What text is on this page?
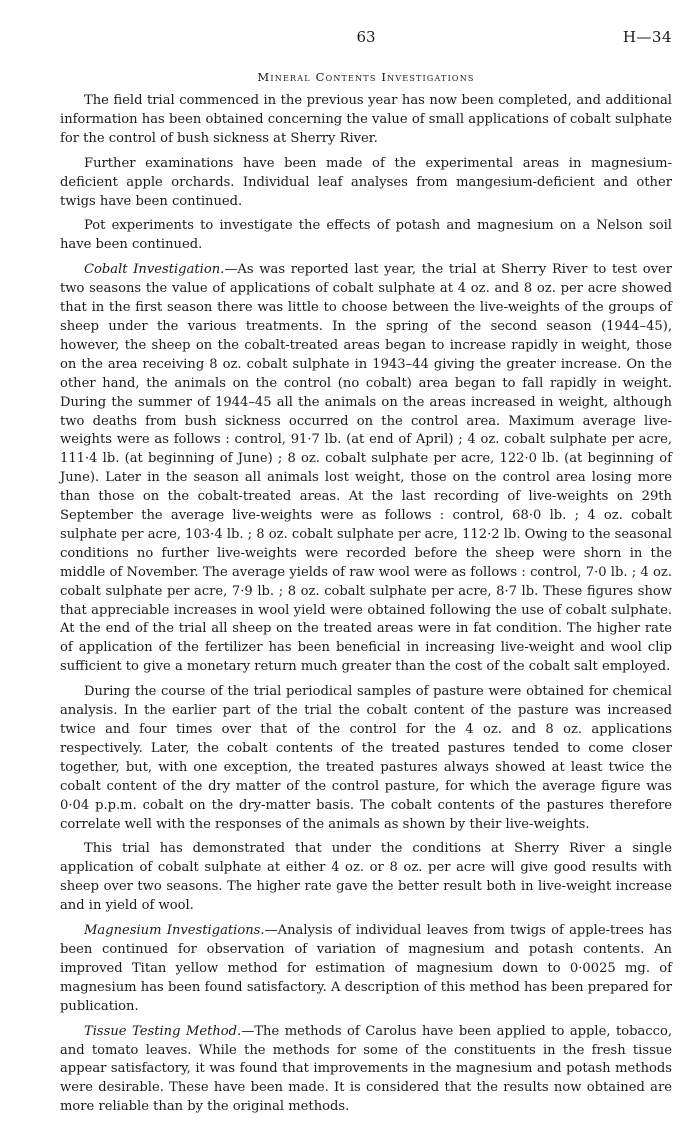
63	H—34
Mineral Contents Investigations

The field trial commenced in the previous year has now been completed, and additional information has been obtained concerning the value of small applications of cobalt sulphate for the control of bush sickness at Sherry River.

Further examinations have been made of the experimental areas in magnesium-deficient apple orchards. Individual leaf analyses from mangesium-deficient and other twigs have been continued.

Pot experiments to investigate the effects of potash and magnesium on a Nelson soil have been continued.

Cobalt Investigation.—As was reported last year, the trial at Sherry River to test over two seasons the value of applications of cobalt sulphate at 4 oz. and 8 oz. per acre showed that in the first season there was little to choose between the live-weights of the groups of sheep under the various treatments. In the spring of the second season (1944–45), however, the sheep on the cobalt-treated areas began to increase rapidly in weight, those on the area receiving 8 oz. cobalt sulphate in 1943–44 giving the greater increase. On the other hand, the animals on the control (no cobalt) area began to fall rapidly in weight. During the summer of 1944–45 all the animals on the areas increased in weight, although two deaths from bush sickness occurred on the control area. Maximum average live-weights were as follows : control, 91·7 lb. (at end of April) ; 4 oz. cobalt sulphate per acre, 111·4 lb. (at beginning of June) ; 8 oz. cobalt sulphate per acre, 122·0 lb. (at beginning of June). Later in the season all animals lost weight, those on the control area losing more than those on the cobalt-treated areas. At the last recording of live-weights on 29th September the average live-weights were as follows : control, 68·0 lb. ; 4 oz. cobalt sulphate per acre, 103·4 lb. ; 8 oz. cobalt sulphate per acre, 112·2 lb. Owing to the seasonal conditions no further live-weights were recorded before the sheep were shorn in the middle of November. The average yields of raw wool were as follows : control, 7·0 lb. ; 4 oz. cobalt sulphate per acre, 7·9 lb. ; 8 oz. cobalt sulphate per acre, 8·7 lb. These figures show that appreciable increases in wool yield were obtained following the use of cobalt sulphate. At the end of the trial all sheep on the treated areas were in fat condition. The higher rate of application of the fertilizer has been beneficial in increasing live-weight and wool clip sufficient to give a monetary return much greater than the cost of the cobalt salt employed.

During the course of the trial periodical samples of pasture were obtained for chemical analysis. In the earlier part of the trial the cobalt content of the pasture was increased twice and four times over that of the control for the 4 oz. and 8 oz. applications respectively. Later, the cobalt contents of the treated pastures tended to come closer together, but, with one exception, the treated pastures always showed at least twice the cobalt content of the dry matter of the control pasture, for which the average figure was 0·04 p.p.m. cobalt on the dry-matter basis. The cobalt contents of the pastures therefore correlate well with the responses of the animals as shown by their live-weights.

This trial has demonstrated that under the conditions at Sherry River a single application of cobalt sulphate at either 4 oz. or 8 oz. per acre will give good results with sheep over two seasons. The higher rate gave the better result both in live-weight increase and in yield of wool.

Magnesium Investigations.—Analysis of individual leaves from twigs of apple-trees has been continued for observation of variation of magnesium and potash contents. An improved Titan yellow method for estimation of magnesium down to 0·0025 mg. of magnesium has been found satisfactory. A description of this method has been prepared for publication.

Tissue Testing Method.—The methods of Carolus have been applied to apple, tobacco, and tomato leaves. While the methods for some of the constituents in the fresh tissue appear satisfactory, it was found that improvements in the magnesium and potash methods were desirable. These have been made. It is considered that the results now obtained are more reliable than by the original methods.
